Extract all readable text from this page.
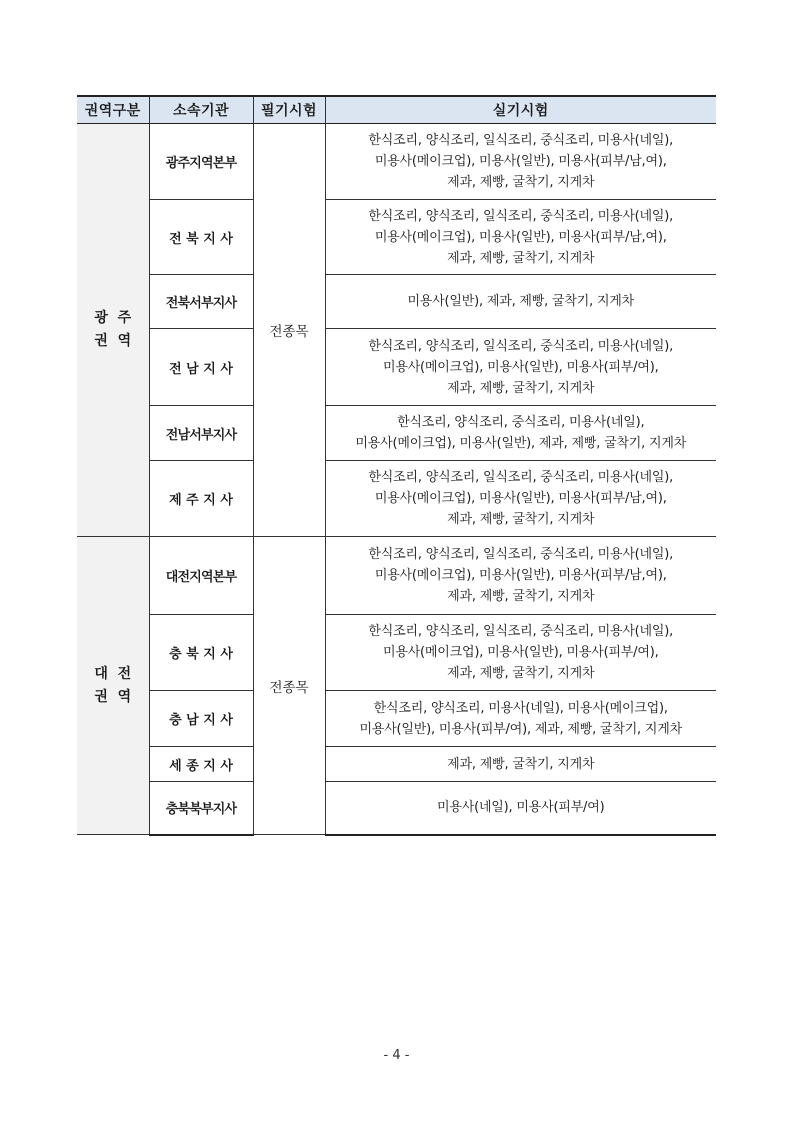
권역구분	소속기관	필기시험	실기시험

광  주
권  역	광주지역본부	전종목	한식조리, 양식조리, 일식조리, 중식조리, 미용사(네일),
미용사(메이크업), 미용사(일반), 미용사(피부/남,여),
제과, 제빵, 굴착기, 지게차

	전 북 지 사		한식조리, 양식조리, 일식조리, 중식조리, 미용사(네일),
미용사(메이크업), 미용사(일반), 미용사(피부/남,여),
제과, 제빵, 굴착기, 지게차

	전북서부지사		미용사(일반), 제과, 제빵, 굴착기, 지게차

	전 남 지 사		한식조리, 양식조리, 일식조리, 중식조리, 미용사(네일),
미용사(메이크업), 미용사(일반), 미용사(피부/여),
제과, 제빵, 굴착기, 지게차

	전남서부지사		한식조리, 양식조리, 중식조리, 미용사(네일),
미용사(메이크업), 미용사(일반), 제과, 제빵, 굴착기, 지게차

	제 주 지 사		한식조리, 양식조리, 일식조리, 중식조리, 미용사(네일),
미용사(메이크업), 미용사(일반), 미용사(피부/남,여),
제과, 제빵, 굴착기, 지게차

대  전
권  역	대전지역본부	전종목	한식조리, 양식조리, 일식조리, 중식조리, 미용사(네일),
미용사(메이크업), 미용사(일반), 미용사(피부/남,여),
제과, 제빵, 굴착기, 지게차

	충 북 지 사		한식조리, 양식조리, 일식조리, 중식조리, 미용사(네일),
미용사(메이크업), 미용사(일반), 미용사(피부/여),
제과, 제빵, 굴착기, 지게차

	충 남 지 사		한식조리, 양식조리, 미용사(네일), 미용사(메이크업),
미용사(일반), 미용사(피부/여), 제과, 제빵, 굴착기, 지게차

	세 종 지 사		제과, 제빵, 굴착기, 지게차

	충북북부지사		미용사(네일), 미용사(피부/여)
- 4 -
